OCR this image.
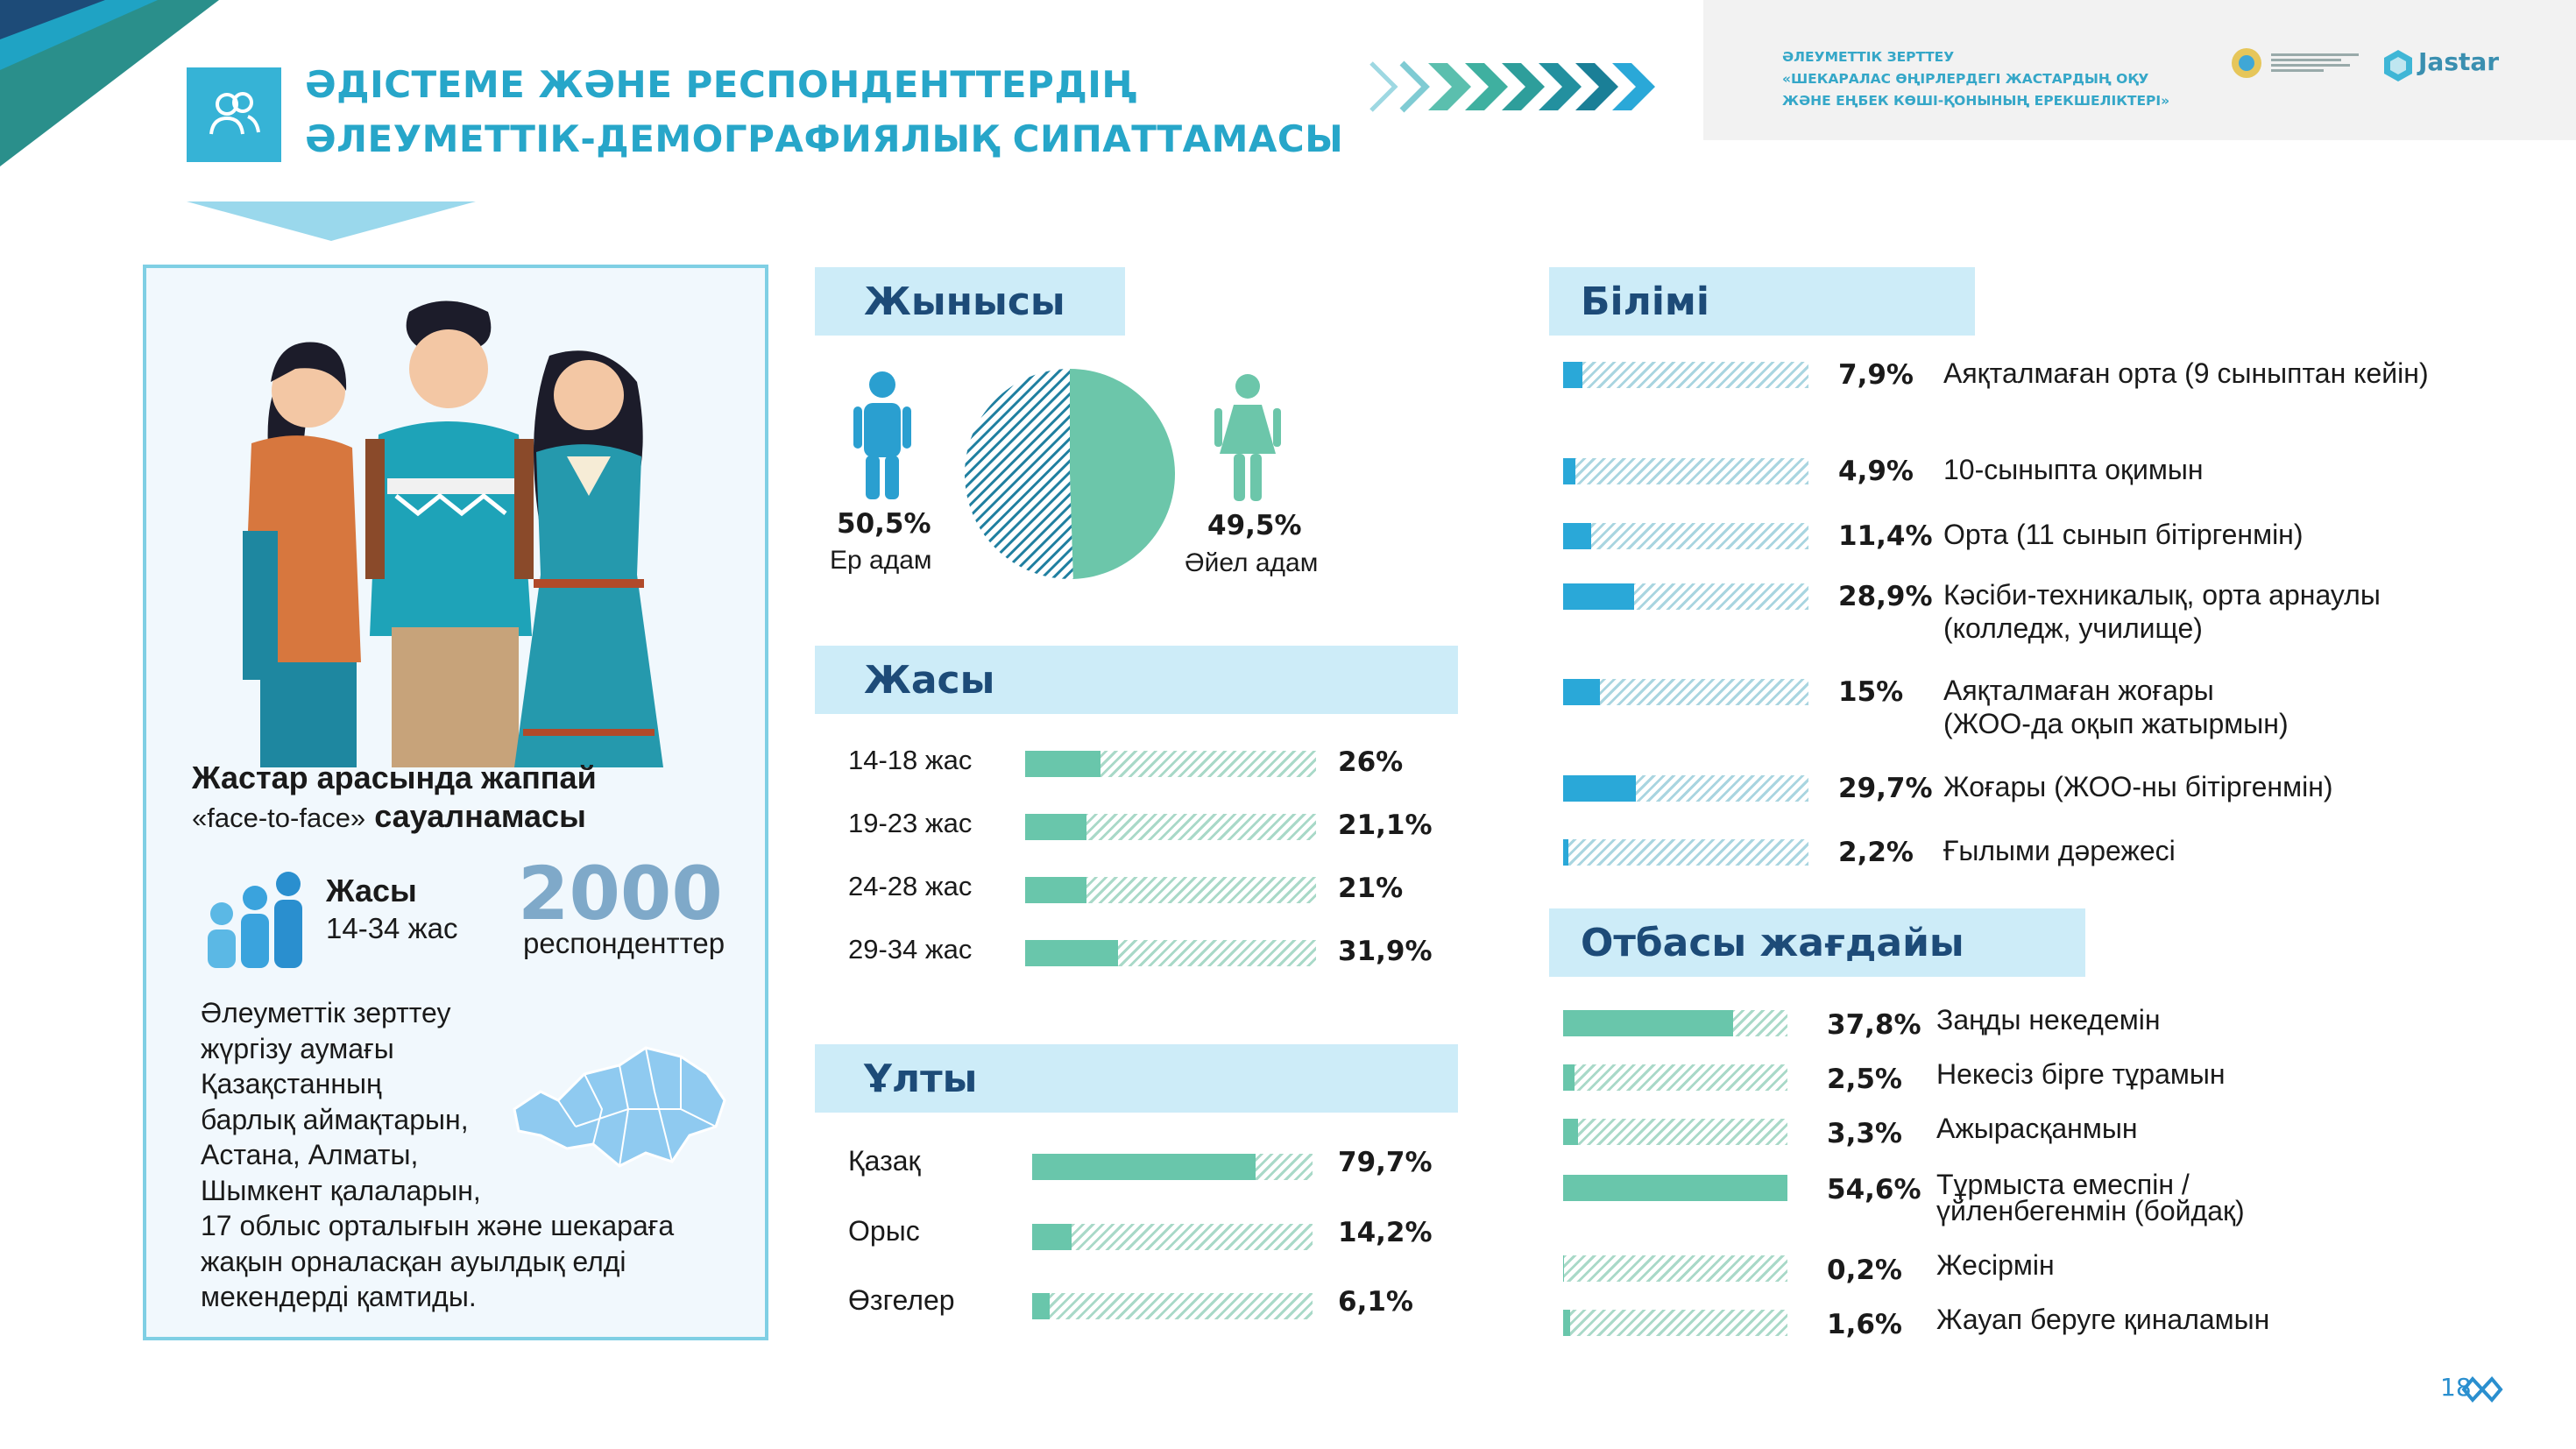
ӘДІСТЕМЕ ЖӘНЕ РЕСПОНДЕНТТЕРДІҢ
ӘЛЕУМЕТТІК-ДЕМОГРАФИЯЛЫҚ СИПАТТАМАСЫ
ӘЛЕУМЕТТІК ЗЕРТТЕУ
«ШЕКАРАЛАС ӨҢІРЛЕРДЕГІ ЖАСТАРДЫҢ ОҚУ
ЖӘНЕ ЕҢБЕК КӨШІ-ҚОНЫНЫҢ ЕРЕКШЕЛІКТЕРІ»
Jastar
Жастар арасында жаппай
«face-to-face» сауалнамасы
Жасы
14-34 жас 2000
респонденттер
Әлеуметтік зерттеу
жүргізу аумағы
Қазақстанның
барлық аймақтарын,
Астана, Алматы,
Шымкент қалаларын,
17 облыс орталығын және шекараға
жақын орналасқан ауылдық елді
мекендерді қамтиды.
Жынысы
50,5%
Ер адам
49,5%
Әйел адам
Жасы
14-18 жас	26%
19-23 жас	21,1%
24-28 жас	21%
29-34 жас	31,9%
Ұлты
Қазақ	79,7%
Орыс	14,2%
Өзгелер	6,1%
Білімі
7,9% Аяқталмаған орта (9 сыныптан кейін)
4,9% 10-сыныпта оқимын
11,4% Орта (11 сынып бітіргенмін)
28,9% Кәсіби-техникалық, орта арнаулы
(колледж, училище)
15% Аяқталмаған жоғары
(ЖОО-да оқып жатырмын)
29,7% Жоғары (ЖОО-ны бітіргенмін)
2,2% Ғылыми дәрежесі
Отбасы жағдайы
37,8% Заңды некедемін
2,5% Некесіз бірге тұрамын
3,3% Ажырасқанмын
54,6% Тұрмыста емеспін /
үйленбегенмін (бойдақ)
0,2% Жесірмін
1,6% Жауап беруге қиналамын
18
